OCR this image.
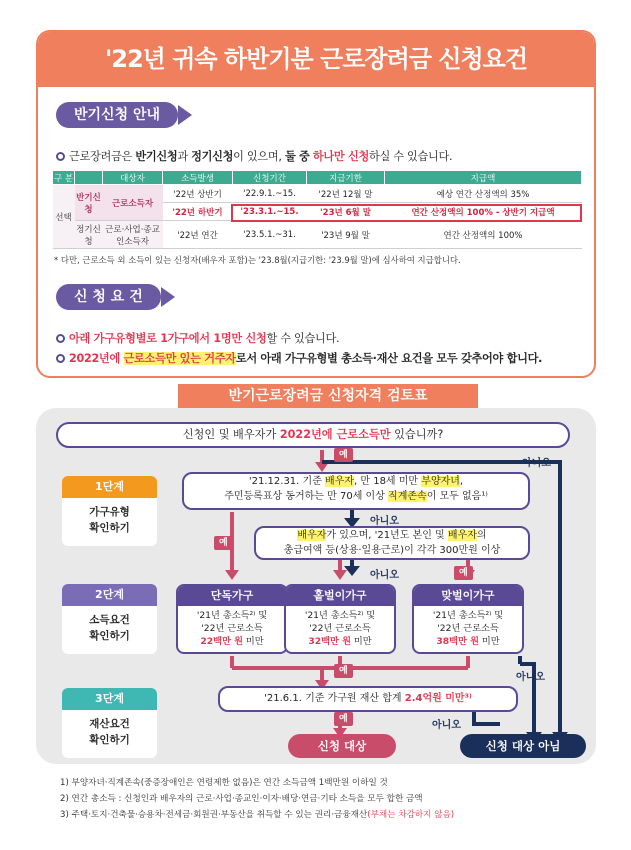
'22년 귀속 하반기분 근로장려금 신청요건
반기신청 안내
근로장려금은 반기신청과 정기신청이 있으며, 둘 중 하나만 신청하실 수 있습니다.
구 분		대상자	소득발생	신청기간	지급기한	지급액
선택	반기신청	근로소득자	'22년 상반기	'22.9.1.~15.	'22년 12월 말	예상 연간 산정액의 35%
			'22년 하반기	'23.3.1.~15.	'23년 6월 말	연간 산정액의 100% - 상반기 지급액
	정기신청	근로·사업·종교인소득자	'22년 연간	'23.5.1.~31.	'23년 9월 말	연간 산정액의 100%
* 다만, 근로소득 외 소득이 있는 신청자(배우자 포함)는 '23.8월(지급기한: '23.9월 말)에 심사하여 지급합니다.
신 청 요 건
아래 가구유형별로 1가구에서 1명만 신청할 수 있습니다.
2022년에 근로소득만 있는 거주자로서 아래 가구유형별 총소득·재산 요건을 모두 갖추어야 합니다.
반기근로장려금 신청자격 검토표
신청인 및 배우자가 2022년에 근로소득만 있습니까?
1단계
가구유형
확인하기
2단계
소득요건
확인하기
3단계
재산요건
확인하기
'21.12.31. 기준 배우자, 만 18세 미만 부양자녀,
주민등록표상 동거하는 만 70세 이상 직계존속이 모두 없음¹⁾
배우자가 있으며, '21년도 본인 및 배우자의
총급여액 등(상용·일용근로)이 각각 300만원 이상
단독가구
'21년 총소득²⁾ 및
'22년 근로소득
22백만 원 미만
홑벌이가구
'21년 총소득²⁾ 및
'22년 근로소득
32백만 원 미만
맞벌이가구
'21년 총소득²⁾ 및
'22년 근로소득
38백만 원 미만
'21.6.1. 기준 가구원 재산 합계 2.4억원 미만³⁾
예
아니오
아니오
예
아니오	예
예
아니오
예
아니오
신청 대상	신청 대상 아님
1) 부양자녀·직계존속(중증장애인은 연령제한 없음)은 연간 소득금액 1백만원 이하일 것
2) 연간 총소득 : 신청인과 배우자의 근로·사업·종교인·이자·배당·연금·기타 소득을 모두 합한 금액
3) 주택·토지·건축물·승용차·전세금·회원권·부동산을 취득할 수 있는 권리·금융재산(부채는 차감하지 않음)
